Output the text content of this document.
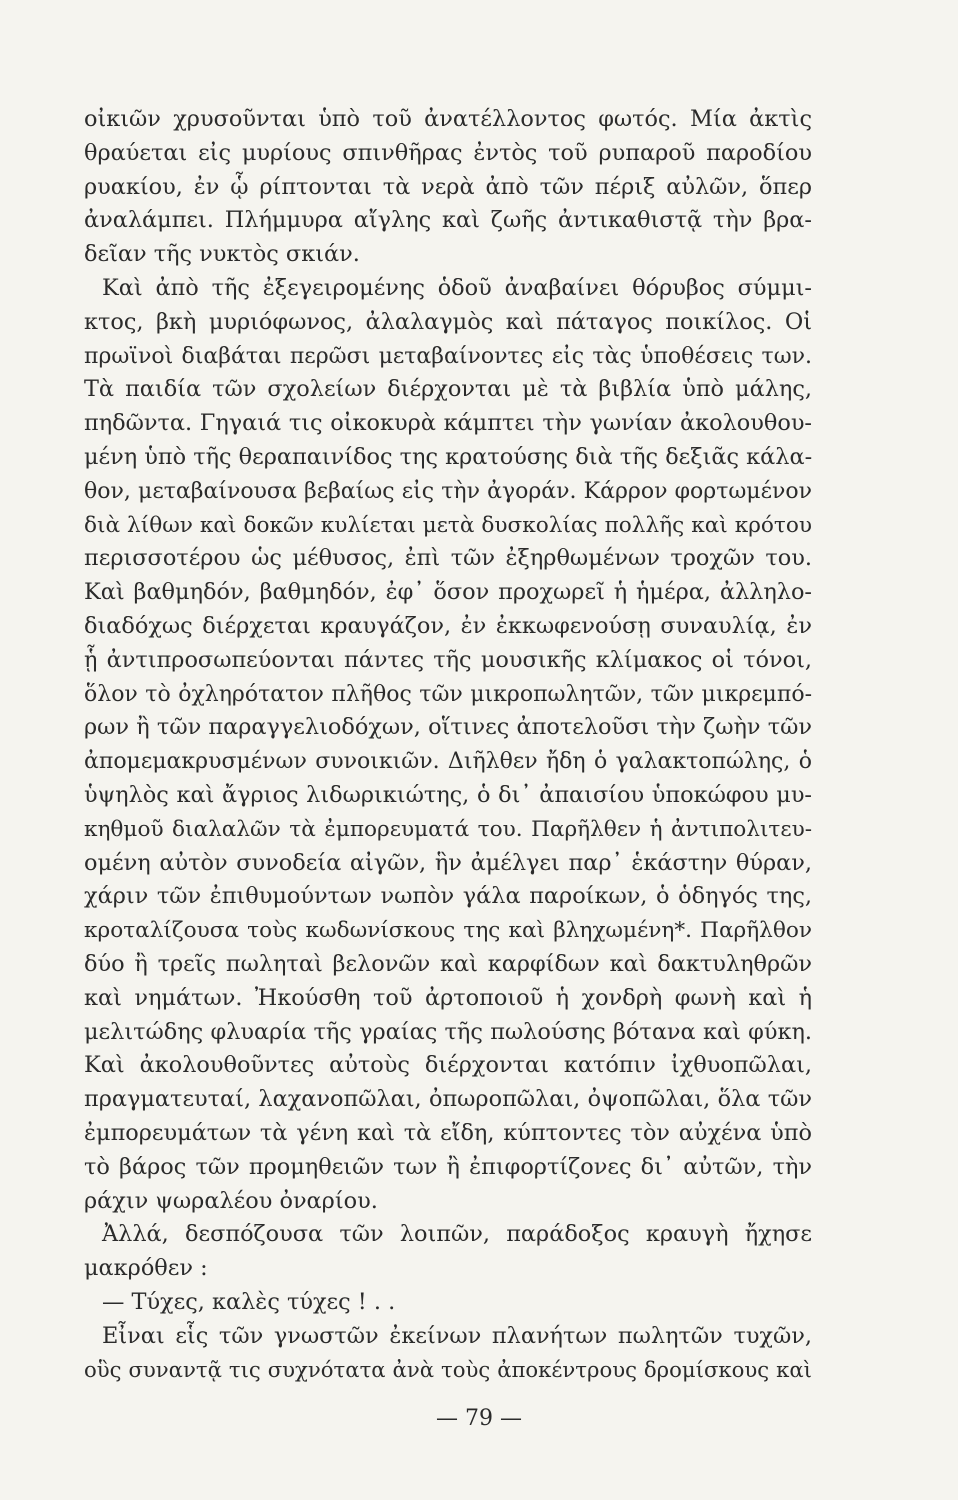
οἰκιῶν χρυσοῦνται ὑπὸ τοῦ ἀνατέλλοντος φωτός. Μία ἀκτὶς
θραύεται εἰς μυρίους σπινθῆρας ἐντὸς τοῦ ρυπαροῦ παροδίου
ρυακίου, ἐν ᾧ ρίπτονται τὰ νερὰ ἀπὸ τῶν πέριξ αὐλῶν, ὅπερ
ἀναλάμπει. Πλήμμυρα αἴγλης καὶ ζωῆς ἀντικαθιστᾷ τὴν βρα-
δεῖαν τῆς νυκτὸς σκιάν.
Καὶ ἀπὸ τῆς ἐξεγειρομένης ὁδοῦ ἀναβαίνει θόρυβος σύμμι-
κτος, βκὴ μυριόφωνος, ἀλαλαγμὸς καὶ πάταγος ποικίλος. Οἱ
πρωϊνοὶ διαβάται περῶσι μεταβαίνοντες εἰς τὰς ὑποθέσεις των.
Τὰ παιδία τῶν σχολείων διέρχονται μὲ τὰ βιβλία ὑπὸ μάλης,
πηδῶντα. Γηγαιά τις οἰκοκυρὰ κάμπτει τὴν γωνίαν ἀκολουθου-
μένη ὑπὸ τῆς θεραπαινίδος της κρατούσης διὰ τῆς δεξιᾶς κάλα-
θον, μεταβαίνουσα βεβαίως εἰς τὴν ἀγοράν. Κάρρον φορτωμένον
διὰ λίθων καὶ δοκῶν κυλίεται μετὰ δυσκολίας πολλῆς καὶ κρότου
περισσοτέρου ὡς μέθυσος, ἐπὶ τῶν ἐξηρθωμένων τροχῶν του.
Καὶ βαθμηδόν, βαθμηδόν, ἐφ᾽ ὅσον προχωρεῖ ἡ ἡμέρα, ἀλληλο-
διαδόχως διέρχεται κραυγάζον, ἐν ἐκκωφενούσῃ συναυλίᾳ, ἐν
ᾗ ἀντιπροσωπεύονται πάντες τῆς μουσικῆς κλίμακος οἱ τόνοι,
ὅλον τὸ ὀχληρότατον πλῆθος τῶν μικροπωλητῶν, τῶν μικρεμπό-
ρων ἢ τῶν παραγγελιοδόχων, οἵτινες ἀποτελοῦσι τὴν ζωὴν τῶν
ἀπομεμακρυσμένων συνοικιῶν. Διῆλθεν ἤδη ὁ γαλακτοπώλης, ὁ
ὑψηλὸς καὶ ἄγριος λιδωρικιώτης, ὁ δι᾽ ἀπαισίου ὑποκώφου μυ-
κηθμοῦ διαλαλῶν τὰ ἐμπορευματά του. Παρῆλθεν ἡ ἀντιπολιτευ-
ομένη αὐτὸν συνοδεία αἰγῶν, ἣν ἀμέλγει παρ᾽ ἑκάστην θύραν,
χάριν τῶν ἐπιθυμούντων νωπὸν γάλα παροίκων, ὁ ὁδηγός της,
κροταλίζουσα τοὺς κωδωνίσκους της καὶ βληχωμένη*. Παρῆλθον
δύο ἢ τρεῖς πωληταὶ βελονῶν καὶ καρφίδων καὶ δακτυληθρῶν
καὶ νημάτων. Ἠκούσθη τοῦ ἀρτοποιοῦ ἡ χονδρὴ φωνὴ καὶ ἡ
μελιτώδης φλυαρία τῆς γραίας τῆς πωλούσης βότανα καὶ φύκη.
Καὶ ἀκολουθοῦντες αὐτοὺς διέρχονται κατόπιν ἰχθυοπῶλαι,
πραγματευταί, λαχανοπῶλαι, ὀπωροπῶλαι, ὀψοπῶλαι, ὅλα τῶν
ἐμπορευμάτων τὰ γένη καὶ τὰ εἴδη, κύπτοντες τὸν αὐχένα ὑπὸ
τὸ βάρος τῶν προμηθειῶν των ἢ ἐπιφορτίζονες δι᾽ αὐτῶν, τὴν
ράχιν ψωραλέου ὀναρίου.
Ἀλλά, δεσπόζουσα τῶν λοιπῶν, παράδοξος κραυγὴ ἤχησε
μακρόθεν :
— Τύχες, καλὲς τύχες ! . .
Εἶναι εἷς τῶν γνωστῶν ἐκείνων πλανήτων πωλητῶν τυχῶν,
οὓς συναντᾷ τις συχνότατα ἀνὰ τοὺς ἀποκέντρους δρομίσκους καὶ
— 79 —
